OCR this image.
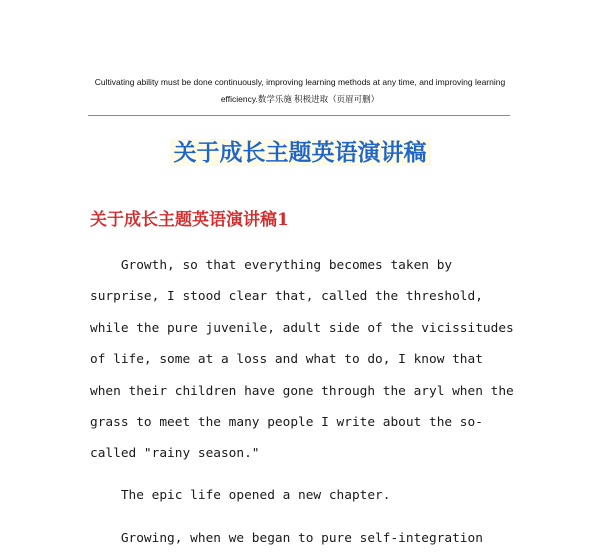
Cultivating ability must be done continuously, improving learning methods at any time, and improving learning
efficiency.数学乐施 积极进取（页眉可删）
关于成长主题英语演讲稿
关于成长主题英语演讲稿1
Growth, so that everything becomes taken by
surprise, I stood clear that, called the threshold,
while the pure juvenile, adult side of the vicissitudes
of life, some at a loss and what to do, I know that
when their children have gone through the aryl when the
grass to meet the many people I write about the so-
called "rainy season."
The epic life opened a new chapter.
Growing, when we began to pure self-integration
